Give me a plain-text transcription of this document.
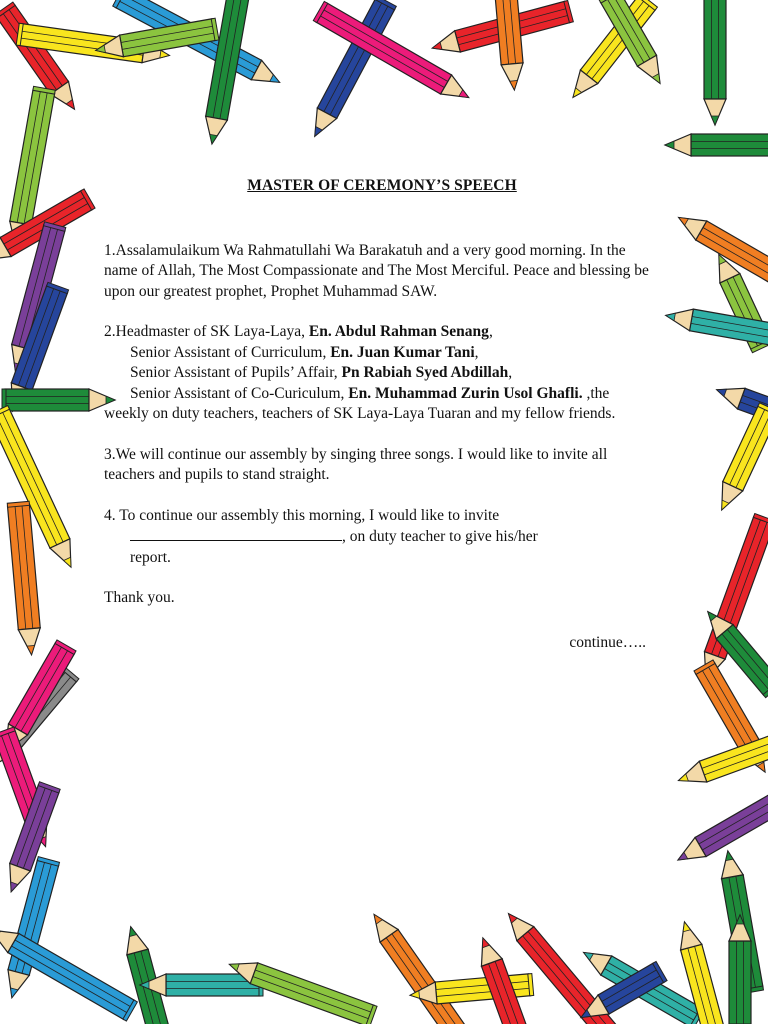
MASTER OF CEREMONY’S SPEECH
1.Assalamulaikum Wa Rahmatullahi Wa Barakatuh and a very good morning. In the name of Allah, The Most Compassionate and The Most Merciful. Peace and blessing be upon our greatest prophet, Prophet Muhammad SAW.
2.Headmaster of SK Laya-Laya, En. Abdul Rahman Senang,
Senior Assistant of Curriculum, En. Juan Kumar Tani,
Senior Assistant of Pupils’ Affair, Pn Rabiah Syed Abdillah,
Senior Assistant of Co-Curiculum, En. Muhammad Zurin Usol Ghafli. ,the
weekly on duty teachers, teachers of SK Laya-Laya Tuaran and my fellow friends.
3.We will continue our assembly by singing three songs. I would like to invite all teachers and pupils to stand straight.
4. To continue our assembly this morning, I would like to invite
, on duty teacher to give his/her
report.
Thank you.
continue…..
